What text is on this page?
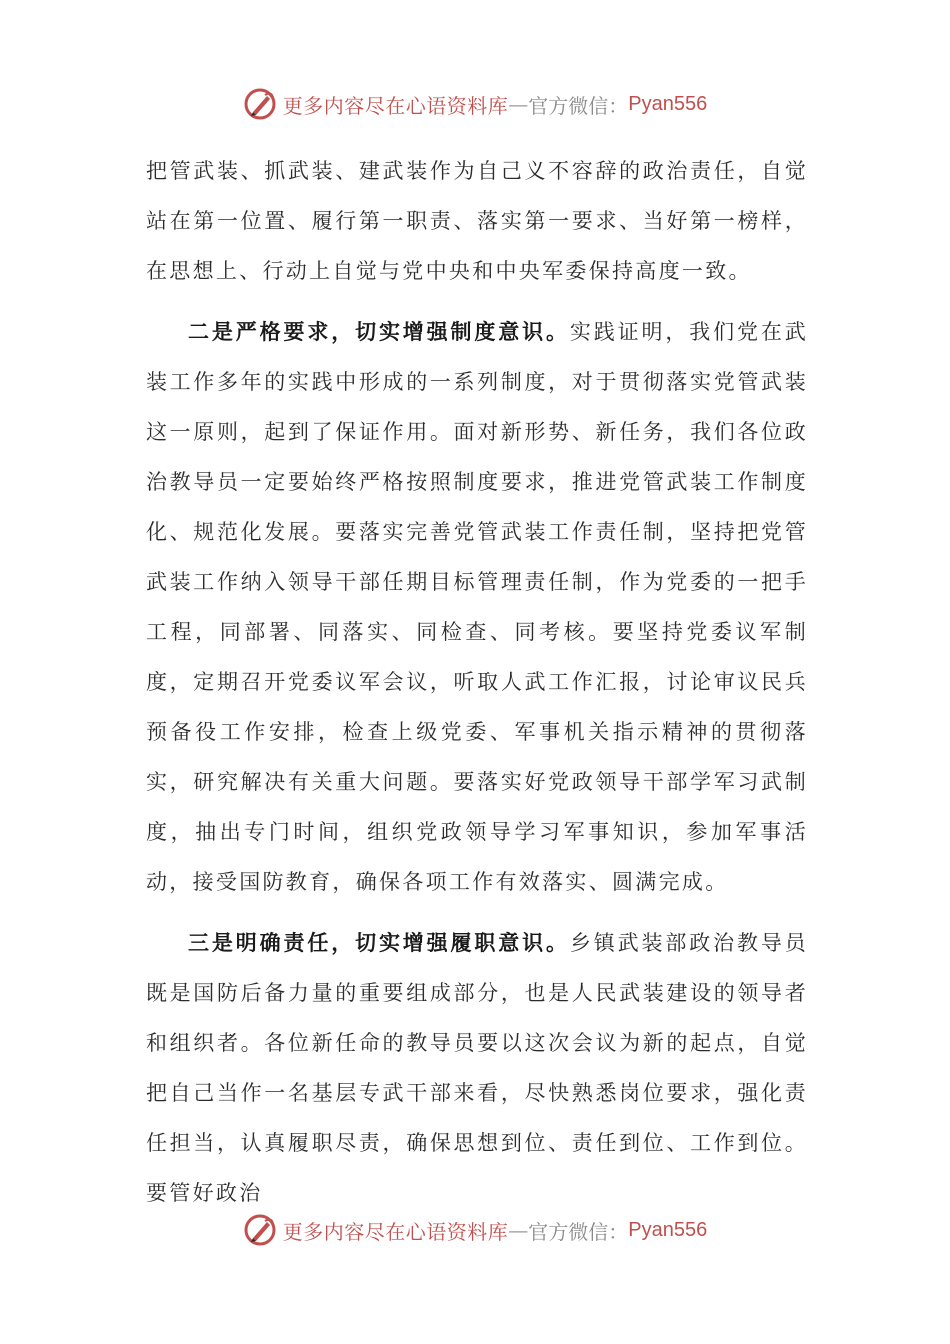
更多内容尽在心语资料库 — 官方微信： Pyan556

把管武装、抓武装、建武装作为自己义不容辞的政治责任，自觉站在第一位置、履行第一职责、落实第一要求、当好第一榜样，在思想上、行动上自觉与党中央和中央军委保持高度一致。

二是严格要求，切实增强制度意识。实践证明，我们党在武装工作多年的实践中形成的一系列制度，对于贯彻落实党管武装这一原则，起到了保证作用。面对新形势、新任务，我们各位政治教导员一定要始终严格按照制度要求，推进党管武装工作制度化、规范化发展。要落实完善党管武装工作责任制，坚持把党管武装工作纳入领导干部任期目标管理责任制，作为党委的一把手工程，同部署、同落实、同检查、同考核。要坚持党委议军制度，定期召开党委议军会议，听取人武工作汇报，讨论审议民兵预备役工作安排，检查上级党委、军事机关指示精神的贯彻落实，研究解决有关重大问题。要落实好党政领导干部学军习武制度，抽出专门时间，组织党政领导学习军事知识，参加军事活动，接受国防教育，确保各项工作有效落实、圆满完成。

三是明确责任，切实增强履职意识。乡镇武装部政治教导员既是国防后备力量的重要组成部分，也是人民武装建设的领导者和组织者。各位新任命的教导员要以这次会议为新的起点，自觉把自己当作一名基层专武干部来看，尽快熟悉岗位要求，强化责任担当，认真履职尽责，确保思想到位、责任到位、工作到位。要管好政治

更多内容尽在心语资料库 — 官方微信： Pyan556
